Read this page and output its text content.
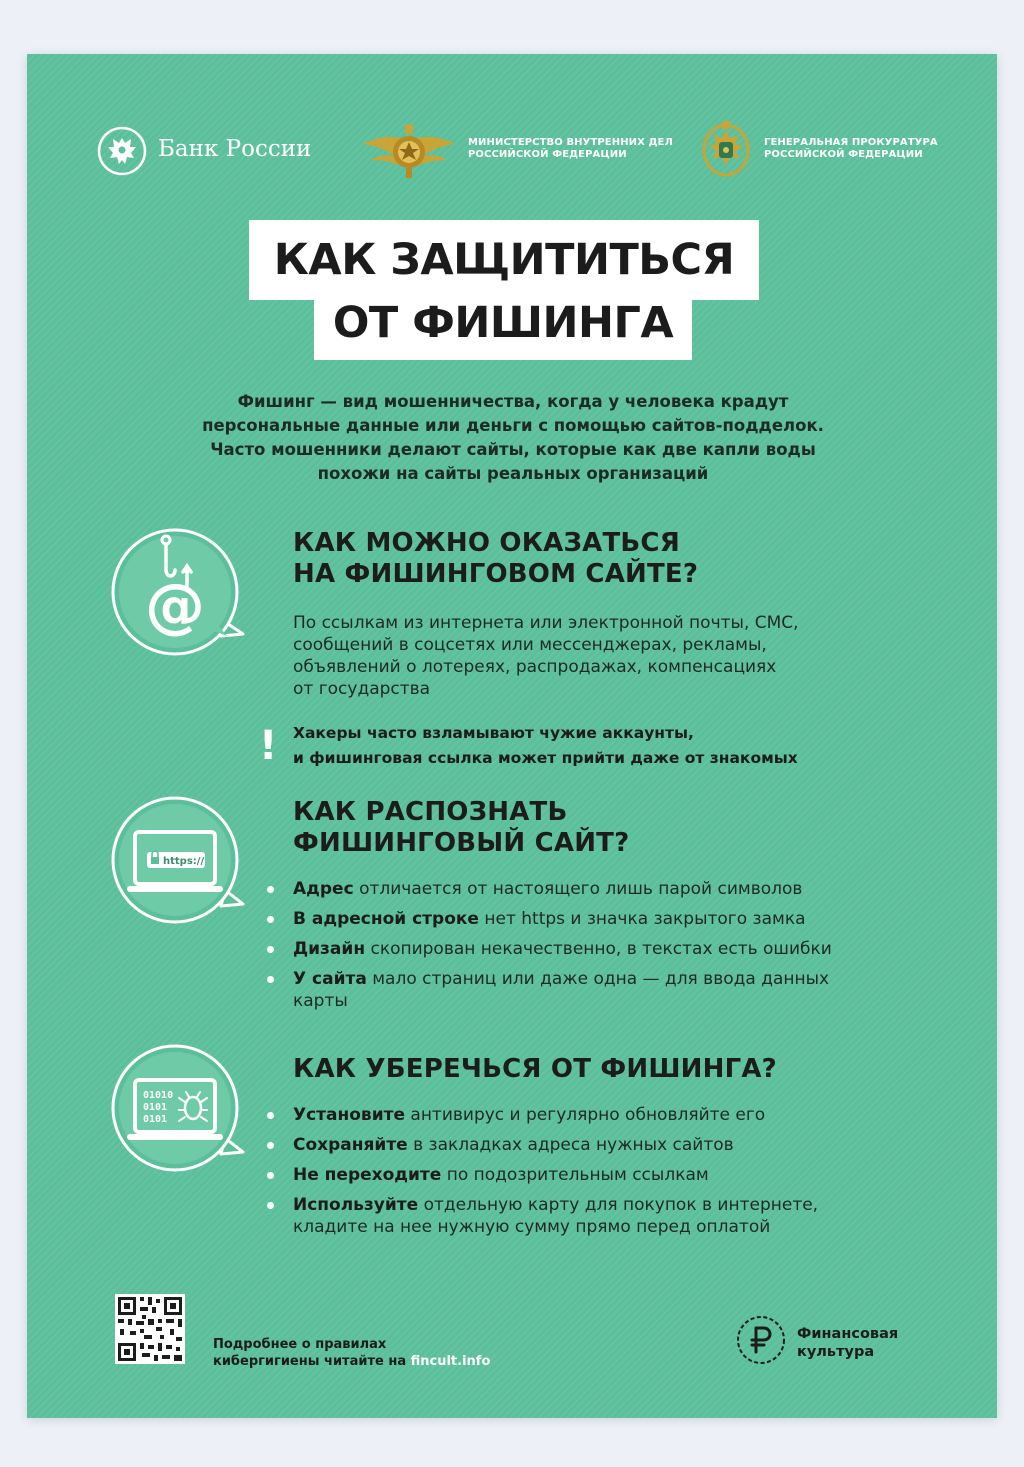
Банк России	МИНИСТЕРСТВО ВНУТРЕННИХ ДЕЛ
РОССИЙСКОЙ ФЕДЕРАЦИИ
ГЕНЕРАЛЬНАЯ ПРОКУРАТУРА
РОССИЙСКОЙ ФЕДЕРАЦИИ
КАК ЗАЩИТИТЬСЯ
ОТ ФИШИНГА
Фишинг — вид мошенничества, когда у человека крадут
персональные данные или деньги с помощью сайтов-подделок.
Часто мошенники делают сайты, которые как две капли воды
похожи на сайты реальных организаций
@
КАК МОЖНО ОКАЗАТЬСЯ
НА ФИШИНГОВОМ САЙТЕ?
По ссылкам из интернета или электронной почты, СМС,
сообщений в соцсетях или мессенджерах, рекламы,
объявлений о лотереях, распродажах, компенсациях
от государства
! Хакеры часто взламывают чужие аккаунты,
и фишинговая ссылка может прийти даже от знакомых
https://
КАК РАСПОЗНАТЬ
ФИШИНГОВЫЙ САЙТ?
Адрес отличается от настоящего лишь парой символов
В адресной строке нет https и значка закрытого замка
Дизайн скопирован некачественно, в текстах есть ошибки
У сайта мало страниц или даже одна — для ввода данных карты
01010
0101
0101
КАК УБЕРЕЧЬСЯ ОТ ФИШИНГА?
Установите антивирус и регулярно обновляйте его
Сохраняйте в закладках адреса нужных сайтов
Не переходите по подозрительным ссылкам
Используйте отдельную карту для покупок в интернете, кладите на нее нужную сумму прямо перед оплатой
Подробнее о правилах
кибергигиены читайте на fincult.info
Финансовая
культура
